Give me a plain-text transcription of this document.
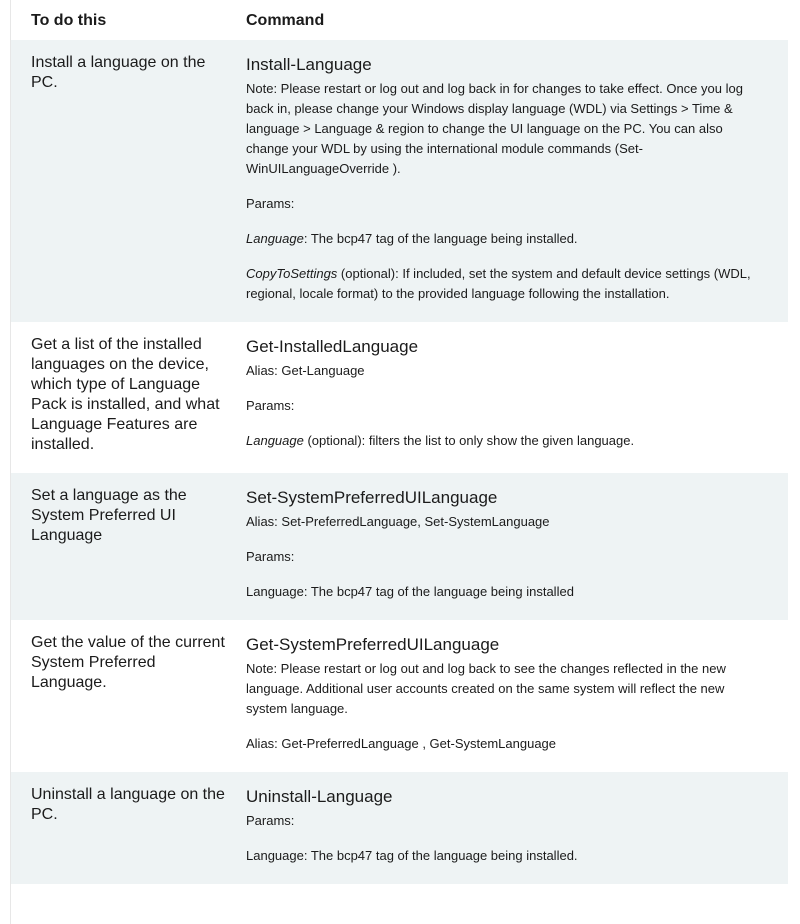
To do this	Command
Install a language on the PC.
Install-Language

Note: Please restart or log out and log back in for changes to take effect. Once you log back in, please change your Windows display language (WDL) via Settings > Time & language > Language & region to change the UI language on the PC. You can also change your WDL by using the international module commands (Set-WinUILanguageOverride ).

Params:

Language: The bcp47 tag of the language being installed.

CopyToSettings (optional): If included, set the system and default device settings (WDL, regional, locale format) to the provided language following the installation.

Get a list of the installed languages on the device, which type of Language Pack is installed, and what Language Features are installed.
Get-InstalledLanguage

Alias: Get-Language

Params:

Language (optional): filters the list to only show the given language.

Set a language as the System Preferred UI Language
Set-SystemPreferredUILanguage

Alias: Set-PreferredLanguage, Set-SystemLanguage

Params:

Language: The bcp47 tag of the language being installed

Get the value of the current System Preferred Language.
Get-SystemPreferredUILanguage

Note: Please restart or log out and log back to see the changes reflected in the new language. Additional user accounts created on the same system will reflect the new system language.

Alias: Get-PreferredLanguage , Get-SystemLanguage

Uninstall a language on the PC.
Uninstall-Language

Params:

Language: The bcp47 tag of the language being installed.
